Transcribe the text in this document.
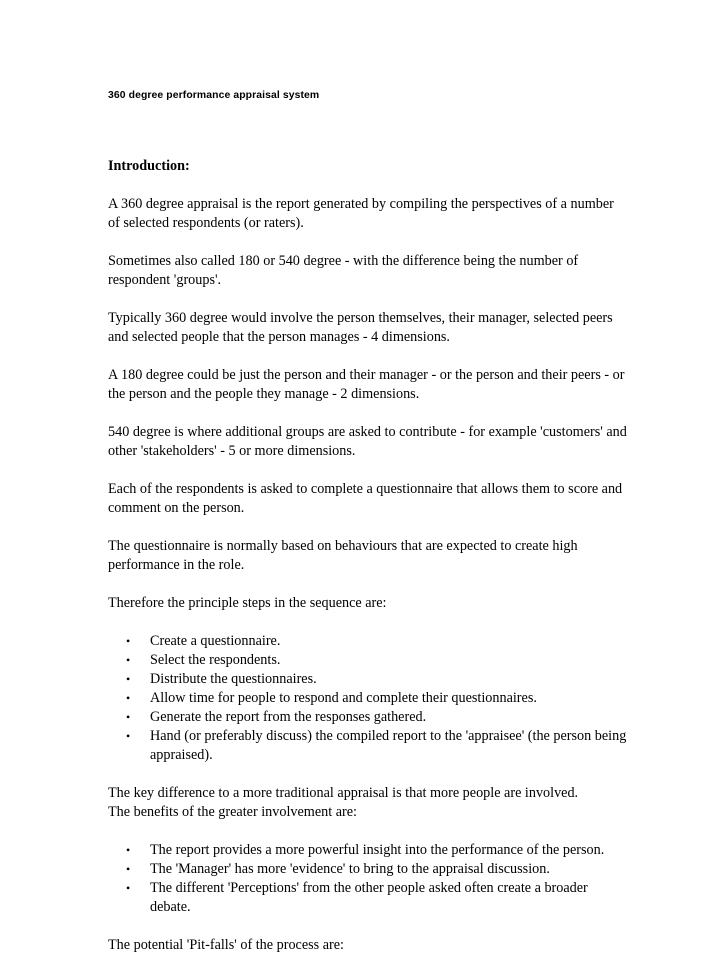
360 degree performance appraisal system

Introduction:

A 360 degree appraisal is the report generated by compiling the perspectives of a number of selected respondents (or raters).

Sometimes also called 180 or 540 degree - with the difference being the number of respondent 'groups'.

Typically 360 degree would involve the person themselves, their manager, selected peers and selected people that the person manages - 4 dimensions.

A 180 degree could be just the person and their manager - or the person and their peers - or the person and the people they manage - 2 dimensions.

540 degree is where additional groups are asked to contribute - for example 'customers' and other 'stakeholders' - 5 or more dimensions.

Each of the respondents is asked to complete a questionnaire that allows them to score and comment on the person.

The questionnaire is normally based on behaviours that are expected to create high performance in the role.

Therefore the principle steps in the sequence are:

• Create a questionnaire.
• Select the respondents.
• Distribute the questionnaires.
• Allow time for people to respond and complete their questionnaires.
• Generate the report from the responses gathered.
• Hand (or preferably discuss) the compiled report to the 'appraisee' (the person being appraised).

The key difference to a more traditional appraisal is that more people are involved.
The benefits of the greater involvement are:

• The report provides a more powerful insight into the performance of the person.
• The 'Manager' has more 'evidence' to bring to the appraisal discussion.
• The different 'Perceptions' from the other people asked often create a broader debate.

The potential 'Pit-falls' of the process are:
